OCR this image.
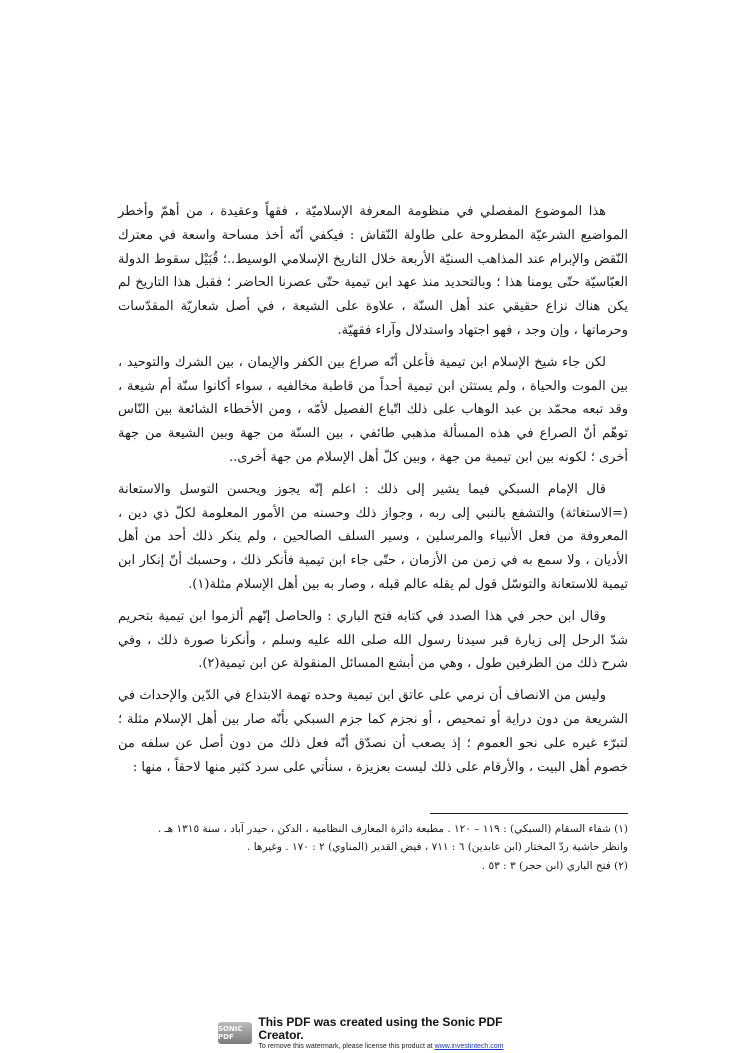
هذا الموضوع المفصلي في منظومة المعرفة الإسلاميّة ، فقهاً وعقيدة ، من أهمّ وأخطر المواضيع الشرعيّة المطروحة على طاولة النّقاش : فيكفي أنّه أخذ مساحة واسعة في معترك النّقض والإبرام عند المذاهب السنيّة الأربعة خلال التاريخ الإسلامي الوسيط..؛ قُبَيْل سقوط الدولة العبّاسيّة حتّى يومنا هذا ؛ وبالتحديد منذ عهد ابن تيمية حتّى عصرنا الحاضر ؛ فقبل هذا التاريخ لم يكن هناك نزاع حقيقي عند أهل السنّة ، علاوة على الشيعة ، في أصل شعاريّة المقدّسات وحرماتها ، وإن وجد ، فهو اجتهاد واستدلال وآراء فقهيّة.

لكن جاء شيخ الإسلام ابن تيمية فأعلن أنّه صراع بين الكفر والإيمان ، بين الشرك والتوحيد ، بين الموت والحياة ، ولم يستثن ابن تيمية أحداً من قاطبة مخالفيه ، سواء أكانوا سنّة أم شيعة ، وقد تبعه محمّد بن عبد الوهاب على ذلك اتّباع الفصيل لأمّه ، ومن الأخطاء الشائعة بين النّاس توهّم أنّ الصراع في هذه المسألة مذهبي طائفي ، بين السنّة من جهة وبين الشيعة من جهة أخرى ؛ لكونه بين ابن تيمية من جهة ، وبين كلّ أهل الإسلام من جهة أخرى..

قال الإمام السبكي فيما يشير إلى ذلك : اعلم إنّه يجوز ويحسن التوسل والاستعانة (=الاستغاثة) والتشفع بالنبي إلى ربه ، وجواز ذلك وحسنه من الأمور المعلومة لكلّ ذي دين ، المعروفة من فعل الأنبياء والمرسلين ، وسير السلف الصالحين ، ولم ينكر ذلك أحد من أهل الأديان ، ولا سمع به في زمن من الأزمان ، حتّى جاء ابن تيمية فأنكر ذلك ، وحسبك أنّ إنكار ابن تيمية للاستعانة والتوسّل قول لم يقله عالم قبله ، وصار به بين أهل الإسلام مثلة(١).

وقال ابن حجر في هذا الصدد في كتابه فتح الباري : والحاصل إنّهم ألزموا ابن تيمية بتحريم شدّ الرحل إلى زيارة قبر سيدنا رسول الله صلى الله عليه وسلم ، وأنكرنا صورة ذلك ، وفي شرح ذلك من الطرفين طول ، وهي من أبشع المسائل المنقولة عن ابن تيمية(٢).

وليس من الانصاف أن نرمي على عاتق ابن تيمية وحده تهمة الابتداع في الدّين والإحداث في الشريعة من دون دراية أو تمحيص ، أو نجزم كما جزم السبكي بأنّه صار بين أهل الإسلام مثلة ؛ لتبرّء غيره على نحو العموم ؛ إذ يصعب أن نصدّق أنّه فعل ذلك من دون أصل عن سلفه من خصوم أهل البيت ، والأرقام على ذلك ليست بعزيزة ، سنأتي على سرد كثير منها لاحقاً ، منها :

(١) شفاء السقام (السبكي) : ١١٩ – ١٢٠ . مطبعة دائرة المعارف النظامية ، الدكن ، حيدر آباد ، سنة ١٣١٥ هـ .

وانظر حاشية ردّ المختار (ابن عابدين) ٦ : ٧١١ ، فيض القدير (المناوي) ٢ : ١٧٠ . وغيرها .

(٢) فتح الباري (ابن حجر) ٣ : ٥٣ .

SONIC PDF
This PDF was created using the Sonic PDF Creator.
To remove this watermark, please license this product at www.investintech.com
